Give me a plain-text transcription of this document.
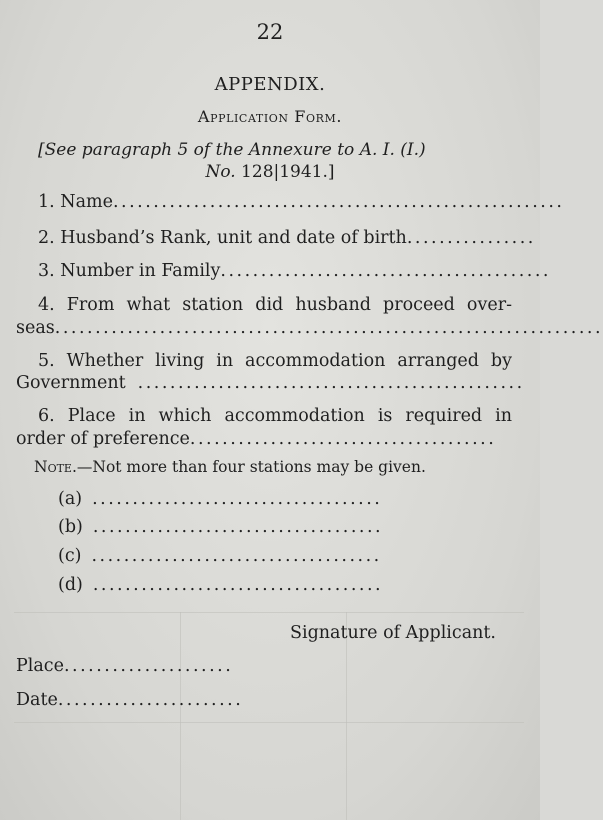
22
APPENDIX.
Application Form.
[See paragraph 5 of the Annexure to A. I. (I.)
No. 128|1941.]
1. Name........................................................
2. Husband’s Rank, unit and date of birth................
3. Number in Family.........................................
4. From what station did husband proceed over-
seas....................................................................
5. Whether living in accommodation arranged by
Government ................................................
6. Place in which accommodation is required in
order of preference......................................
Note.—Not more than four stations may be given.
(a) ....................................
(b) ....................................
(c) ....................................
(d) ....................................
Signature of Applicant.
Place.....................
Date.......................
